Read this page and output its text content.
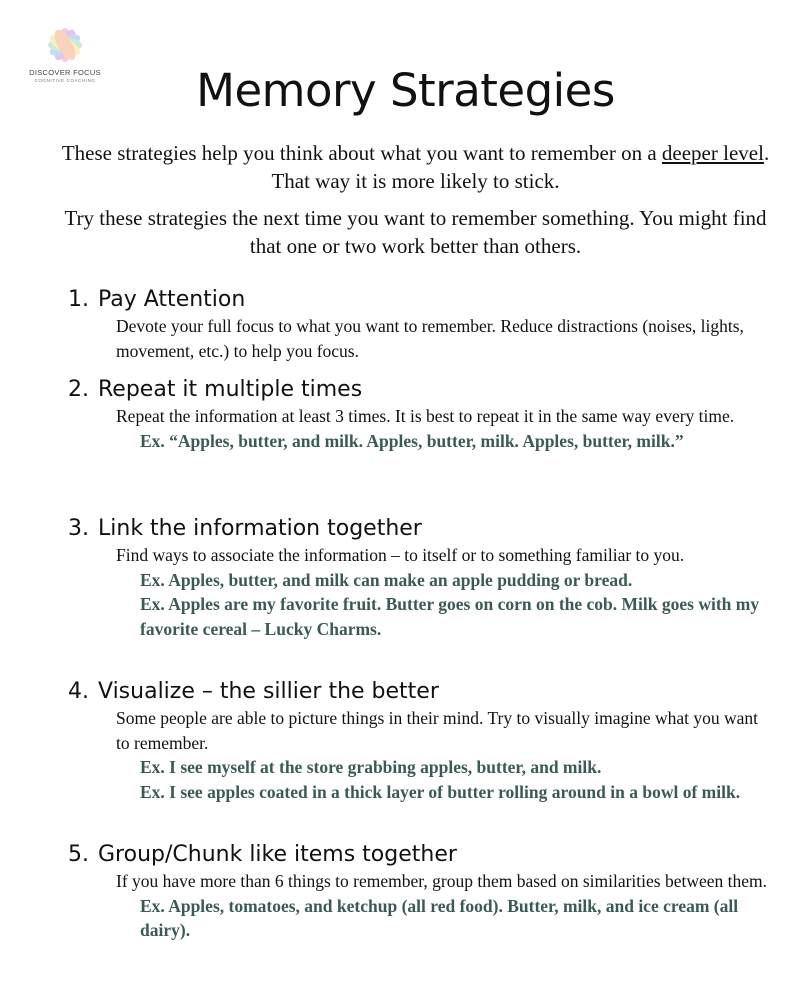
DISCOVER FOCUS
COGNITIVE COACHING	Memory Strategies

These strategies help you think about what you want to remember on a deeper level. That way it is more likely to stick.

Try these strategies the next time you want to remember something. You might find that one or two work better than others.

1. Pay Attention

Devote your full focus to what you want to remember. Reduce distractions (noises, lights, movement, etc.) to help you focus.

2. Repeat it multiple times

Repeat the information at least 3 times. It is best to repeat it in the same way every time.

Ex. “Apples, butter, and milk. Apples, butter, milk. Apples, butter, milk.”

3. Link the information together

Find ways to associate the information – to itself or to something familiar to you.

Ex. Apples, butter, and milk can make an apple pudding or bread.

Ex. Apples are my favorite fruit. Butter goes on corn on the cob. Milk goes with my favorite cereal – Lucky Charms.

4. Visualize – the sillier the better

Some people are able to picture things in their mind. Try to visually imagine what you want to remember.

Ex. I see myself at the store grabbing apples, butter, and milk.

Ex. I see apples coated in a thick layer of butter rolling around in a bowl of milk.

5. Group/Chunk like items together

If you have more than 6 things to remember, group them based on similarities between them.

Ex. Apples, tomatoes, and ketchup (all red food). Butter, milk, and ice cream (all dairy).
